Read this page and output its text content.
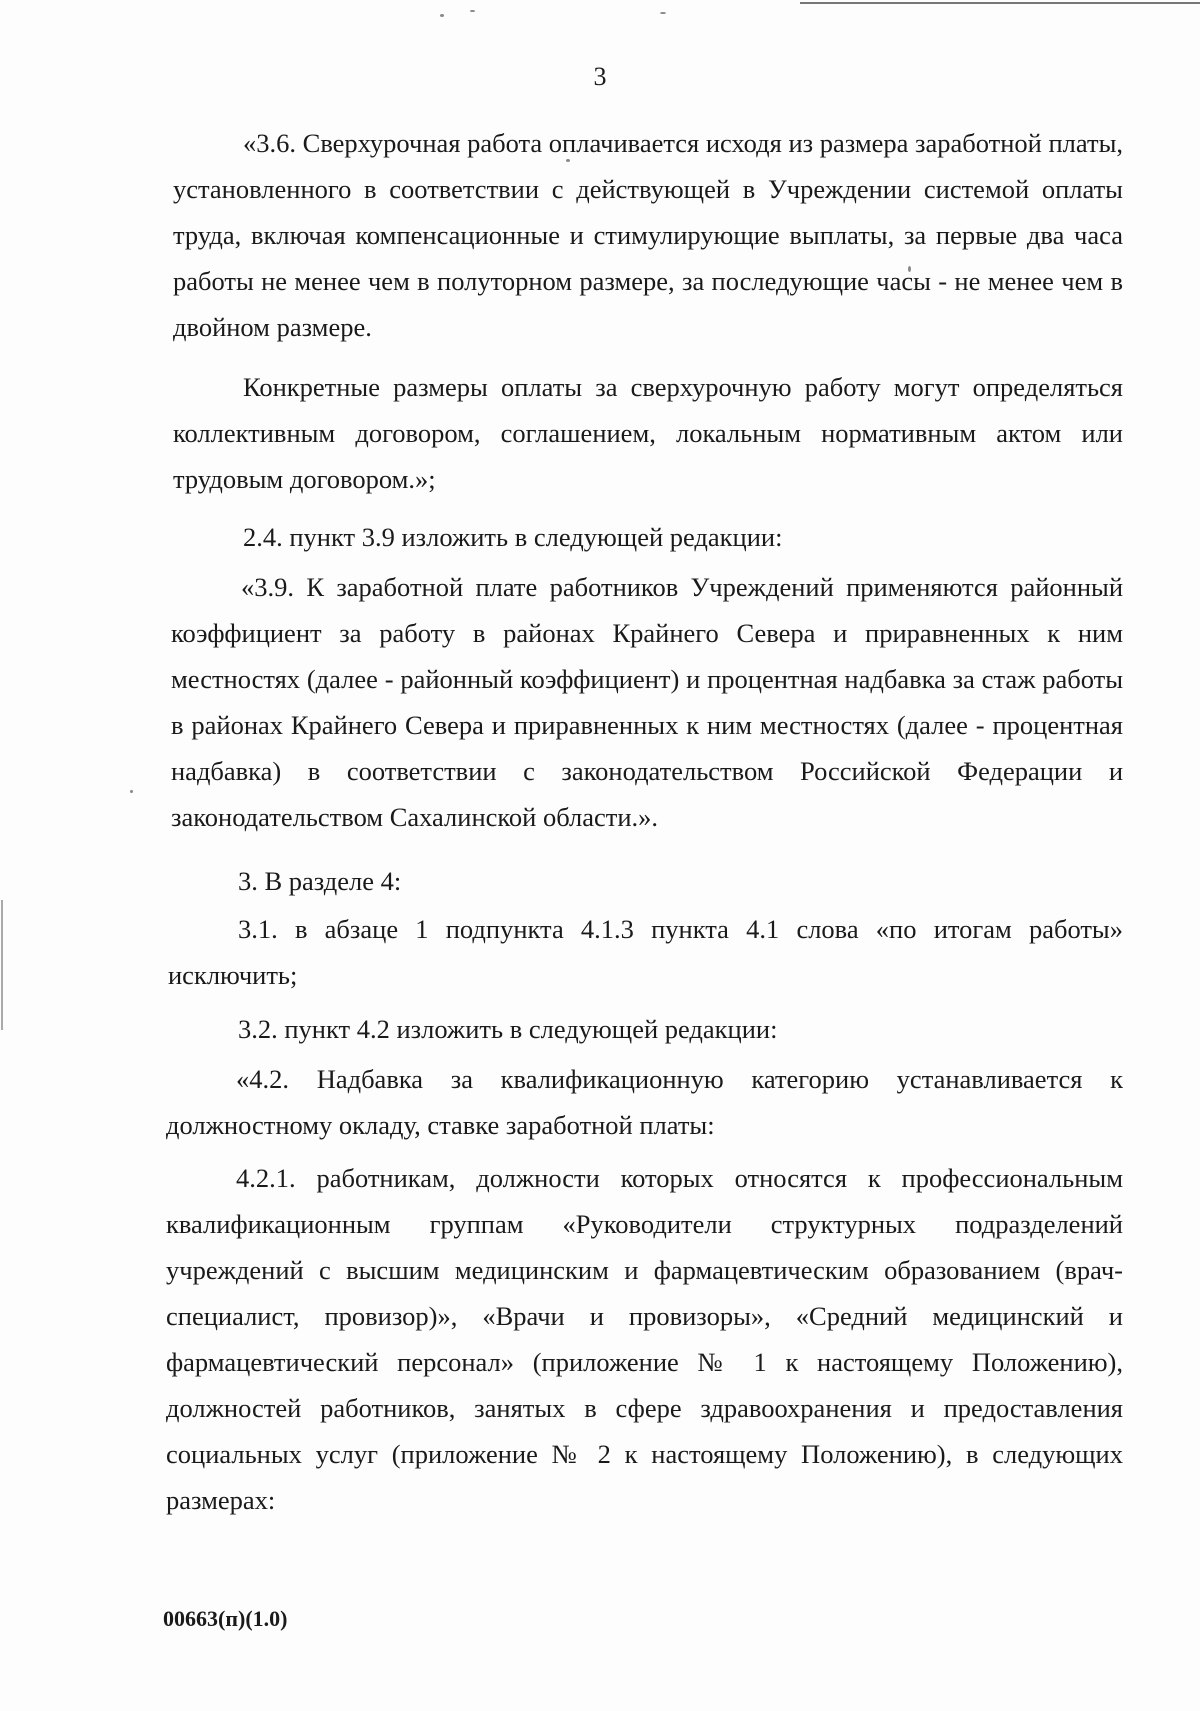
3

«3.6. Сверхурочная работа оплачивается исходя из размера заработной платы, установленного в соответствии с действующей в Учреждении системой оплаты труда, включая компенсационные и стимулирующие выплаты, за первые два часа работы не менее чем в полуторном размере, за последующие часы - не менее чем в двойном размере.

Конкретные размеры оплаты за сверхурочную работу могут определяться коллективным договором, соглашением, локальным нормативным актом или трудовым договором.»;

2.4. пункт 3.9 изложить в следующей редакции:

«3.9. К заработной плате работников Учреждений применяются районный коэффициент за работу в районах Крайнего Севера и приравненных к ним местностях (далее - районный коэффициент) и процентная надбавка за стаж работы в районах Крайнего Севера и приравненных к ним местностях (далее - процентная надбавка) в соответствии с законодательством Российской Федерации и законодательством Сахалинской области.».

3. В разделе 4:

3.1. в абзаце 1 подпункта 4.1.3 пункта 4.1 слова «по итогам работы» исключить;

3.2. пункт 4.2 изложить в следующей редакции:

«4.2. Надбавка за квалификационную категорию устанавливается к должностному окладу, ставке заработной платы:

4.2.1. работникам, должности которых относятся к профессиональным квалификационным группам «Руководители структурных подразделений учреждений с высшим медицинским и фармацевтическим образованием (врач-специалист, провизор)», «Врачи и провизоры», «Средний медицинский и фармацевтический персонал» (приложение № 1 к настоящему Положению), должностей работников, занятых в сфере здравоохранения и предоставления социальных услуг (приложение № 2 к настоящему Положению), в следующих размерах:

00663(п)(1.0)
